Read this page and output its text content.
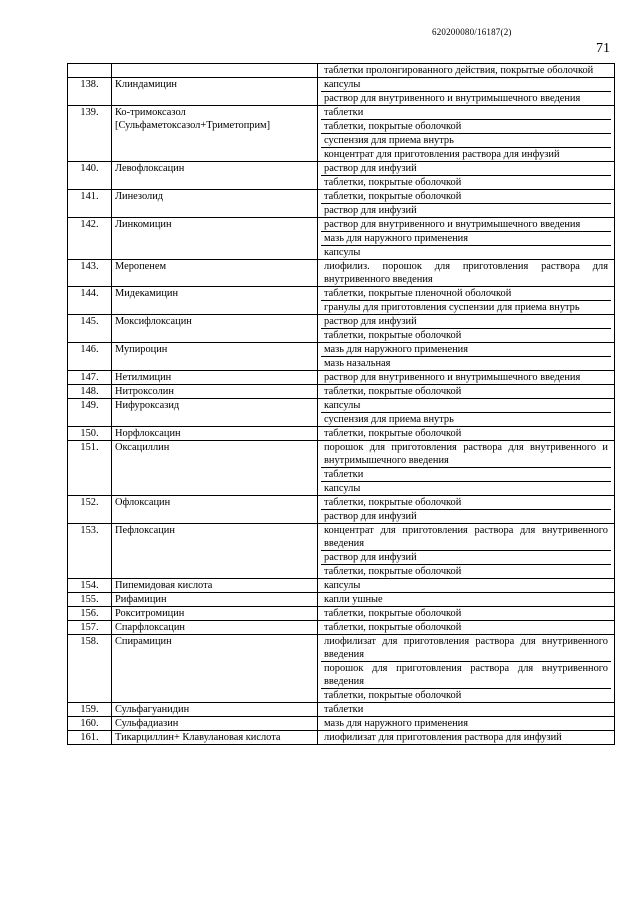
620200080/16187(2)
71

		таблетки пролонгированного действия, покрытые оболочкой

138.	Клиндамицин	капсулы
раствор для внутривенного и внутримышечного введения

139.	Ко-тримоксазол [Сульфаметоксазол+Триметоприм]	таблетки
таблетки, покрытые оболочкой
суспензия для приема внутрь
концентрат для приготовления раствора для инфузий

140.	Левофлоксацин	раствор для инфузий
таблетки, покрытые оболочкой

141.	Линезолид	таблетки, покрытые оболочкой
раствор для инфузий

142.	Линкомицин	раствор для внутривенного и внутримышечного введения
мазь для наружного применения
капсулы

143.	Меропенем	лиофилиз. порошок для приготовления раствора для внутривенного введения

144.	Мидекамицин	таблетки, покрытые пленочной оболочкой
гранулы для приготовления суспензии для приема внутрь

145.	Моксифлоксацин	раствор для инфузий
таблетки, покрытые оболочкой

146.	Мупироцин	мазь для наружного применения
мазь назальная

147.	Нетилмицин	раствор для внутривенного и внутримышечного введения

148.	Нитроксолин	таблетки, покрытые оболочкой

149.	Нифуроксазид	капсулы
суспензия для приема внутрь

150.	Норфлоксацин	таблетки, покрытые оболочкой

151.	Оксациллин	порошок для приготовления раствора для внутривенного и внутримышечного введения
таблетки
капсулы

152.	Офлоксацин	таблетки, покрытые оболочкой
раствор для инфузий

153.	Пефлоксацин	концентрат для приготовления раствора для внутривенного введения
раствор для инфузий
таблетки, покрытые оболочкой

154.	Пипемидовая кислота	капсулы

155.	Рифамицин	капли ушные

156.	Рокситромицин	таблетки, покрытые оболочкой

157.	Спарфлоксацин	таблетки, покрытые оболочкой

158.	Спирамицин	лиофилизат для приготовления раствора для внутривенного введения
порошок для приготовления раствора для внутривенного введения
таблетки, покрытые оболочкой

159.	Сульфагуанидин	таблетки

160.	Сульфадиазин	мазь для наружного применения

161.	Тикарциллин+ Клавулановая кислота	лиофилизат для приготовления раствора для инфузий
